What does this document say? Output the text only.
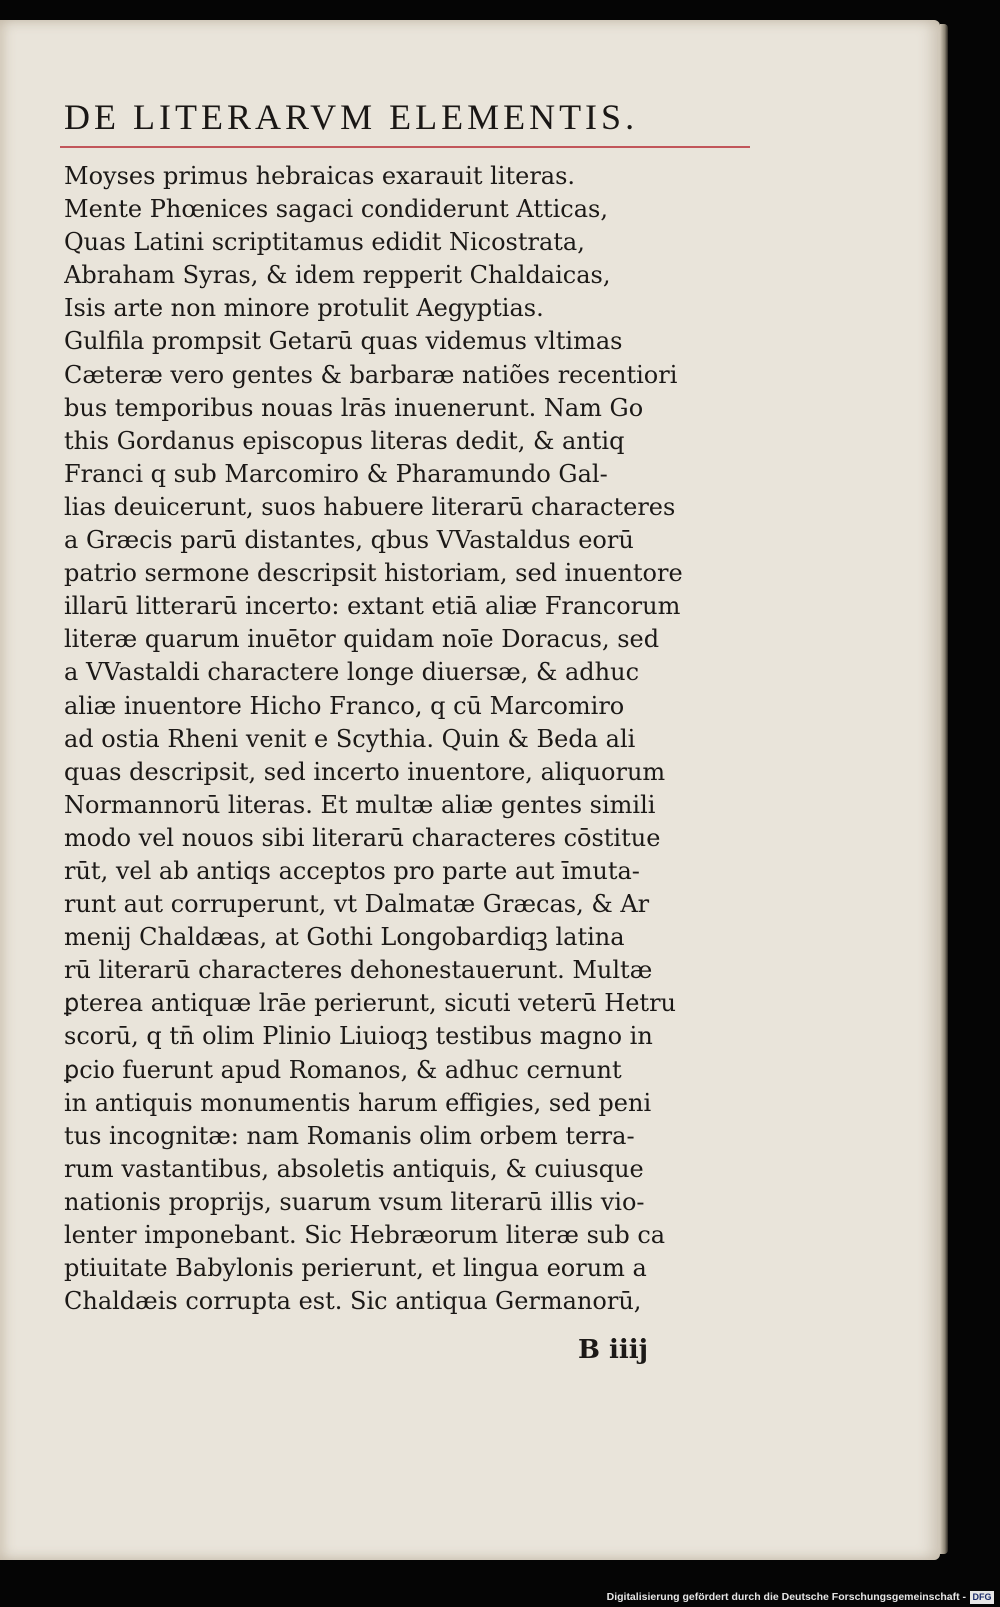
DE LITERARVM ELEMENTIS.
Moyses primus hebraicas exarauit literas.
Mente Phœnices sagaci condiderunt Atticas,
Quas Latini scriptitamus edidit Nicostrata,
Abraham Syras, & idem repperit Chaldaicas,
Isis arte non minore protulit Aegyptias.
Gulfila prompsit Getarū quas videmus vltimas
Cæteræ vero gentes & barbaræ natiões recentiori
bus temporibus nouas lrās inuenerunt. Nam Go
this Gordanus episcopus literas dedit, & antiq
Franci q sub Marcomiro & Pharamundo Gal-
lias deuicerunt, suos habuere literarū characteres
a Græcis parū distantes, qbus VVastaldus eorū
patrio sermone descripsit historiam, sed inuentore
illarū litterarū incerto: extant etiā aliæ Francorum
literæ quarum inuētor quidam noīe Doracus, sed
a VVastaldi charactere longe diuersæ, & adhuc
aliæ inuentore Hicho Franco, q cū Marcomiro
ad ostia Rheni venit e Scythia. Quin & Beda ali
quas descripsit, sed incerto inuentore, aliquorum
Normannorū literas. Et multæ aliæ gentes simili
modo vel nouos sibi literarū characteres cōstitue
rūt, vel ab antiqs acceptos pro parte aut īmuta-
runt aut corruperunt, vt Dalmatæ Græcas, & Ar
menij Chaldæas, at Gothi Longobardiqꝫ latina
rū literarū characteres dehonestauerunt. Multæ
ꝑterea antiquæ lrāe perierunt, sicuti veterū Hetru
scorū, q tn̄ olim Plinio Liuioqꝫ testibus magno in
ꝑcio fuerunt apud Romanos, & adhuc cernunt
in antiquis monumentis harum effigies, sed peni
tus incognitæ: nam Romanis olim orbem terra-
rum vastantibus, absoletis antiquis, & cuiusque
nationis proprijs, suarum vsum literarū illis vio-
lenter imponebant. Sic Hebræorum literæ sub ca
ptiuitate Babylonis perierunt, et lingua eorum a
Chaldæis corrupta est. Sic antiqua Germanorū,
B iiij
Digitalisierung gefördert durch die Deutsche Forschungsgemeinschaft - DFG
